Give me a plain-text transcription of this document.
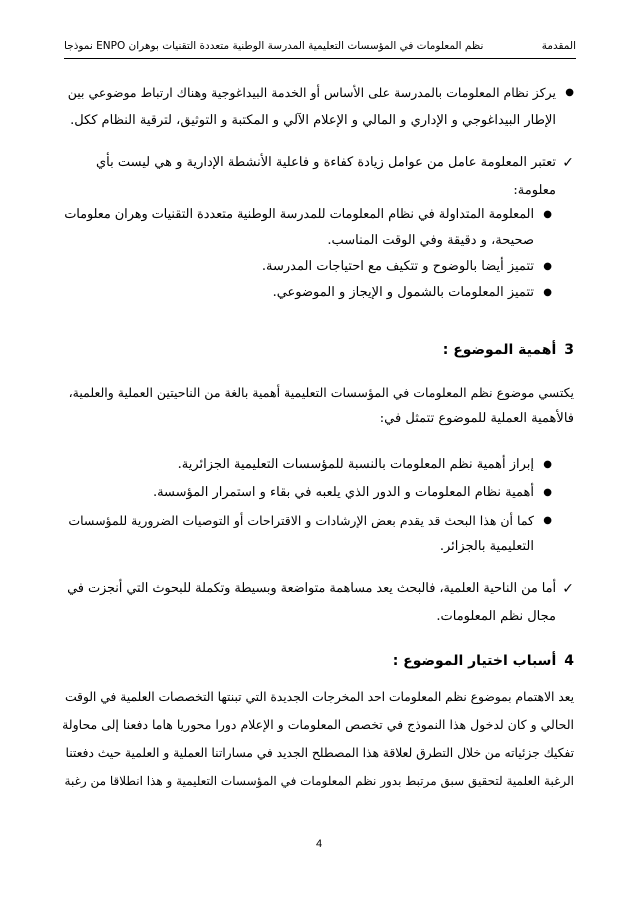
نظم المعلومات في المؤسسات التعليمية المدرسة الوطنية متعددة التقنيات بوهران ENPO نموذجا	المقدمة
●
يركز نظام المعلومات بالمدرسة على الأساس أو الخدمة البيداغوجية وهناك ارتباط موضوعي بين
الإطار البيداغوجي و الإداري و المالي و الإعلام الآلي و المكتبة و التوثيق، لترقية النظام ككل.
✓
تعتبر المعلومة عامل من عوامل زيادة كفاءة و فاعلية الأنشطة الإدارية و هي ليست بأي
معلومة:
●
المعلومة المتداولة في نظام المعلومات للمدرسة الوطنية متعددة التقنيات وهران معلومات
صحيحة، و دقيقة وفي الوقت المناسب.
●
تتميز أيضا بالوضوح و تتكيف مع احتياجات المدرسة.
●
تتميز المعلومات بالشمول و الإيجاز و الموضوعي.
3أهمية الموضوع :
يكتسي موضوع نظم المعلومات في المؤسسات التعليمية أهمية بالغة من الناحيتين العملية والعلمية،
فالأهمية العملية للموضوع تتمثل في:
●
إبراز أهمية نظم المعلومات بالنسبة للمؤسسات التعليمية الجزائرية.
●
أهمية نظام المعلومات و الدور الذي يلعبه في بقاء و استمرار المؤسسة.
●
كما أن هذا البحث قد يقدم بعض الإرشادات و الاقتراحات أو التوصيات الضرورية للمؤسسات
التعليمية بالجزائر.
✓
أما من الناحية العلمية، فالبحث يعد مساهمة متواضعة وبسيطة وتكملة للبحوث التي أنجزت في
مجال نظم المعلومات.
4أسباب اختيار الموضوع :
يعد الاهتمام بموضوع نظم المعلومات احد المخرجات الجديدة التي تبنتها التخصصات العلمية في الوقت
الحالي و كان لدخول هذا النموذج في تخصص المعلومات و الإعلام دورا محوريا هاما دفعنا إلى محاولة
تفكيك جزئياته من خلال التطرق لعلاقة هذا المصطلح الجديد في مساراتنا العملية و العلمية حيث دفعتنا
الرغبة العلمية لتحقيق سبق مرتبط بدور نظم المعلومات في المؤسسات التعليمية و هذا انطلاقا من رغبة
4
